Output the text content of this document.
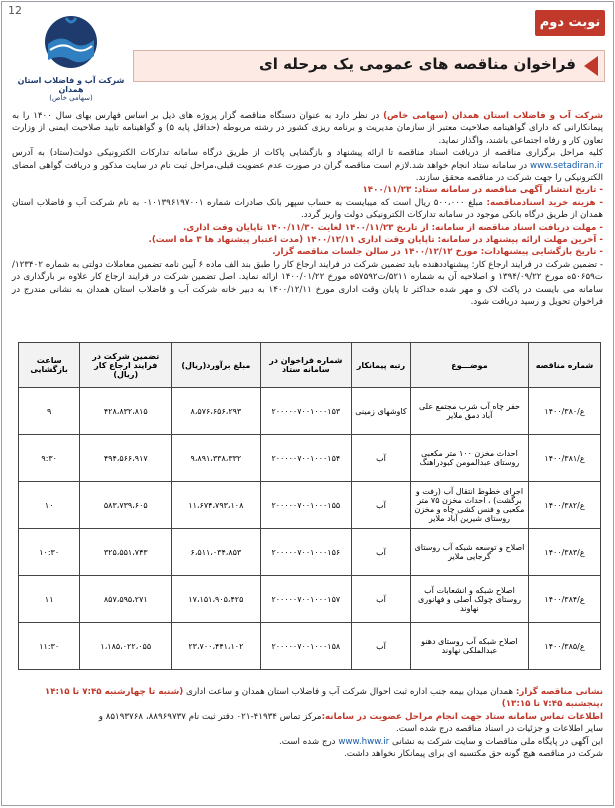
12
شرکت آب و فاضلاب استان همدان
(سهامی خاص)
نوبت دوم
فراخوان مناقصه های عمومی یک مرحله ای

شرکت آب و فاضلاب استان همدان (سهامی خاص) در نظر دارد به عنوان دستگاه مناقصه گزار پروژه های ذیل بر اساس فهارس بهای سال ۱۴۰۰ را به پیمانکارانی که دارای گواهینامه صلاحیت معتبر از سازمان مدیریت و برنامه ریزی کشور در رشته مربوطه (حداقل پایه ۵) و گواهینامه تایید صلاحیت ایمنی از وزارت تعاون کار و رفاه اجتماعی باشند، واگذار نماید.

کلیه مراحل برگزاری مناقصه از دریافت اسناد مناقصه تا ارائه پیشنهاد و بازگشایی پاکات از طریق درگاه سامانه تدارکات الکترونیکی دولت(ستاد) به آدرس www.setadiran.ir در سامانه ستاد انجام خواهد شد.لازم است مناقصه گران در صورت عدم عضویت قبلی،مراحل ثبت نام در سایت مذکور و دریافت گواهی امضای الکترونیکی را جهت شرکت در مناقصه محقق سازند.

- تاریخ انتشار آگهی مناقصه در سامانه ستاد: ۱۴۰۰/۱۱/۲۳

- هزینه خرید اسنادمناقصه: مبلغ ۵۰۰،۰۰۰ ریال است که میبایست به حساب سپهر بانک صادرات شماره ۰۱۰۱۳۹۶۱۹۷۰۰۱ به نام شرکت آب و فاضلاب استان همدان از طریق درگاه بانکی موجود در سامانه تدارکات الکترونیکی دولت واریز گردد.

- مهلت دریافت اسناد مناقصه از سامانه: از تاریخ ۱۴۰۰/۱۱/۲۳ لغایت ۱۴۰۰/۱۱/۳۰ تاپایان وقت اداری.

- آخرین مهلت ارائه پیشنهاد در سامانه: تاپایان وقت اداری ۱۴۰۰/۱۲/۱۱ (مدت اعتبار پیشنهاد ها ۳ ماه است).

- تاریخ بازگشایی پیشنهادات: مورخ ۱۴۰۰/۱۲/۱۲ در سالن جلسات مناقصه گزار.

- تضمین شرکت در فرایند ارجاع کار: پیشنهاددهنده باید تضمین شرکت در فرایند ارجاع کار را طبق بند الف ماده ۶ آیین نامه تضمین معاملات دولتی به شماره ۱۲۳۴۰۲/ت۵۰۶۵۹ه مورخ ۱۳۹۴/۰۹/۲۲ و اصلاحیه آن به شماره ۵۲۱۱/ت۵۷۵۹۲ه مورخ ۱۴۰۰/۰۱/۲۲ ارائه نماید. اصل تضمین شرکت در فرایند ارجاع کار علاوه بر بارگذاری در سامانه می بایست در پاکت لاک و مهر شده حداکثر تا پایان وقت اداری مورخ ۱۴۰۰/۱۲/۱۱ به دبیر خانه شرکت آب و فاضلاب استان همدان به نشانی مندرج در فراخوان تحویل و رسید دریافت شود.

شماره مناقصه	موضـــوع	رتبه پیمانکار	شماره فراخوان در سامانه ستاد	مبلغ برآورد(ریال)	تضمین شرکت در فرایند ارجاع کار (ریال)	ساعت بازگشایی
ع/۱۴۰۰/۳۸۰	حفر چاه آب شرب مجتمع علی آباد دمق ملایر	کاوشهای زمینی	۲۰۰۰۰۰۷۰۰۱۰۰۰۱۵۳	۸،۵۷۶،۶۵۶،۲۹۳	۴۲۸،۸۳۲،۸۱۵	۹
ع/۱۴۰۰/۳۸۱	احداث مخزن ۱۰۰ متر مکعبی روستای عبدالمومن کبودراهنگ	آب	۲۰۰۰۰۰۷۰۰۱۰۰۰۱۵۴	۹،۸۹۱،۳۳۸،۳۳۲	۴۹۴،۵۶۶،۹۱۷	۹:۳۰
ع/۱۴۰۰/۳۸۲	اجرای خطوط انتقال آب (رفت و برگشت) ، احداث مخزن ۷۵ متر مکعبی و فنس کشی چاه و مخزن روستای شیرین آباد ملایر	آب	۲۰۰۰۰۰۷۰۰۱۰۰۰۱۵۵	۱۱،۶۷۴،۷۹۳،۱۰۸	۵۸۳،۷۳۹،۶۰۵	۱۰
ع/۱۴۰۰/۳۸۳	اصلاح و توسعه شبکه آب روستای گرجایی ملایر	آب	۲۰۰۰۰۰۷۰۰۱۰۰۰۱۵۶	۶،۵۱۱،۰۳۴،۸۵۳	۳۲۵،۵۵۱،۷۴۳	۱۰:۳۰
ع/۱۴۰۰/۳۸۴	اصلاح شبکه و انشعابات آب روستای چولک اصلی و فهانوری نهاوند	آب	۲۰۰۰۰۰۷۰۰۱۰۰۰۱۵۷	۱۷،۱۵۱،۹۰۵،۴۲۵	۸۵۷،۵۹۵،۲۷۱	۱۱
ع/۱۴۰۰/۳۸۵	اصلاح شبکه آب روستای دهنو عبدالملکی نهاوند	آب	۲۰۰۰۰۰۷۰۰۱۰۰۰۱۵۸	۲۳،۷۰۰،۴۴۱،۱۰۲	۱،۱۸۵،۰۲۲،۰۵۵	۱۱:۳۰

نشانی مناقصه گزار: همدان میدان بیمه جنب اداره ثبت احوال شرکت آب و فاضلاب استان همدان و ساعت اداری (شنبه تا چهارشنبه ۷:۴۵ تا ۱۴:۱۵ ،پنجشنبه ۷:۴۵ تا ۱۳:۱۵)

اطلاعات تماس سامانه ستاد جهت انجام مراحل عضویت در سامانه:مرکز تماس ۴۱۹۳۴-۰۲۱ دفتر ثبت نام ۸۸۹۶۹۷۳۷، ۸۵۱۹۳۷۶۸ و

سایر اطلاعات و جزئیات در اسناد مناقصه درج شده است.

این آگهی در پایگاه ملی مناقصات و سایت شرکت به نشانی www.hww.ir درج شده است.

شرکت در مناقصه هیچ گونه حق مکتسبه ای برای پیمانکار نخواهد داشت.
